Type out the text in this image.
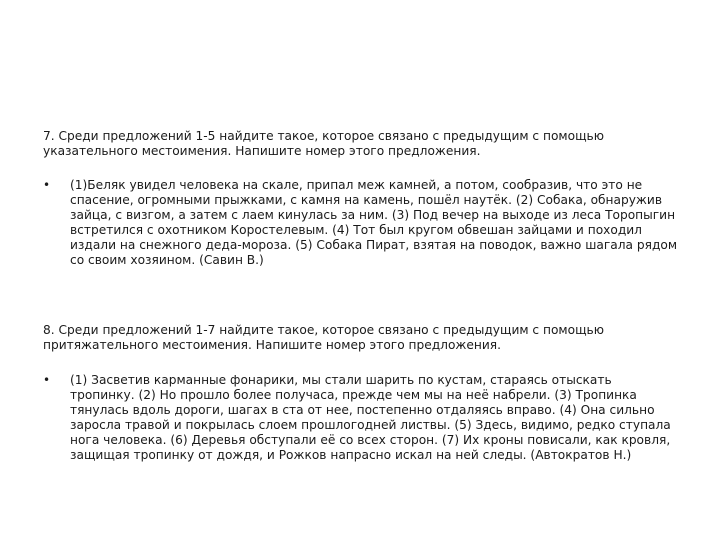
7. Среди предложений 1-5 найдите такое, которое связано с предыдущим с помощью указательного местоимения. Напишите номер этого предложения.

• (1)Беляк увидел человека на скале, припал меж камней, а потом, сообразив, что это не спасение, огромными прыжками, с камня на камень, пошёл наутёк. (2) Собака, обнаружив зайца, с визгом, а затем с лаем кинулась за ним. (3) Под вечер на выходе из леса Торопыгин встретился с охотником Коростелевым. (4) Тот был кругом обвешан зайцами и походил издали на снежного деда-мороза. (5) Собака Пират, взятая на поводок, важно шагала рядом со своим хозяином. (Савин В.)

8. Среди предложений 1-7 найдите такое, которое связано с предыдущим с помощью притяжательного местоимения. Напишите номер этого предложения.

• (1) Засветив карманные фонарики, мы стали шарить по кустам, стараясь отыскать тропинку. (2) Но прошло более получаса, прежде чем мы на неё набрели. (3) Тропинка тянулась вдоль дороги, шагах в ста от нее, постепенно отдаляясь вправо. (4) Она сильно заросла травой и покрылась слоем прошлогодней листвы. (5) Здесь, видимо, редко ступала нога человека. (6) Деревья обступали её со всех сторон. (7) Их кроны повисали, как кровля, защищая тропинку от дождя, и Рожков напрасно искал на ней следы. (Автократов Н.)
